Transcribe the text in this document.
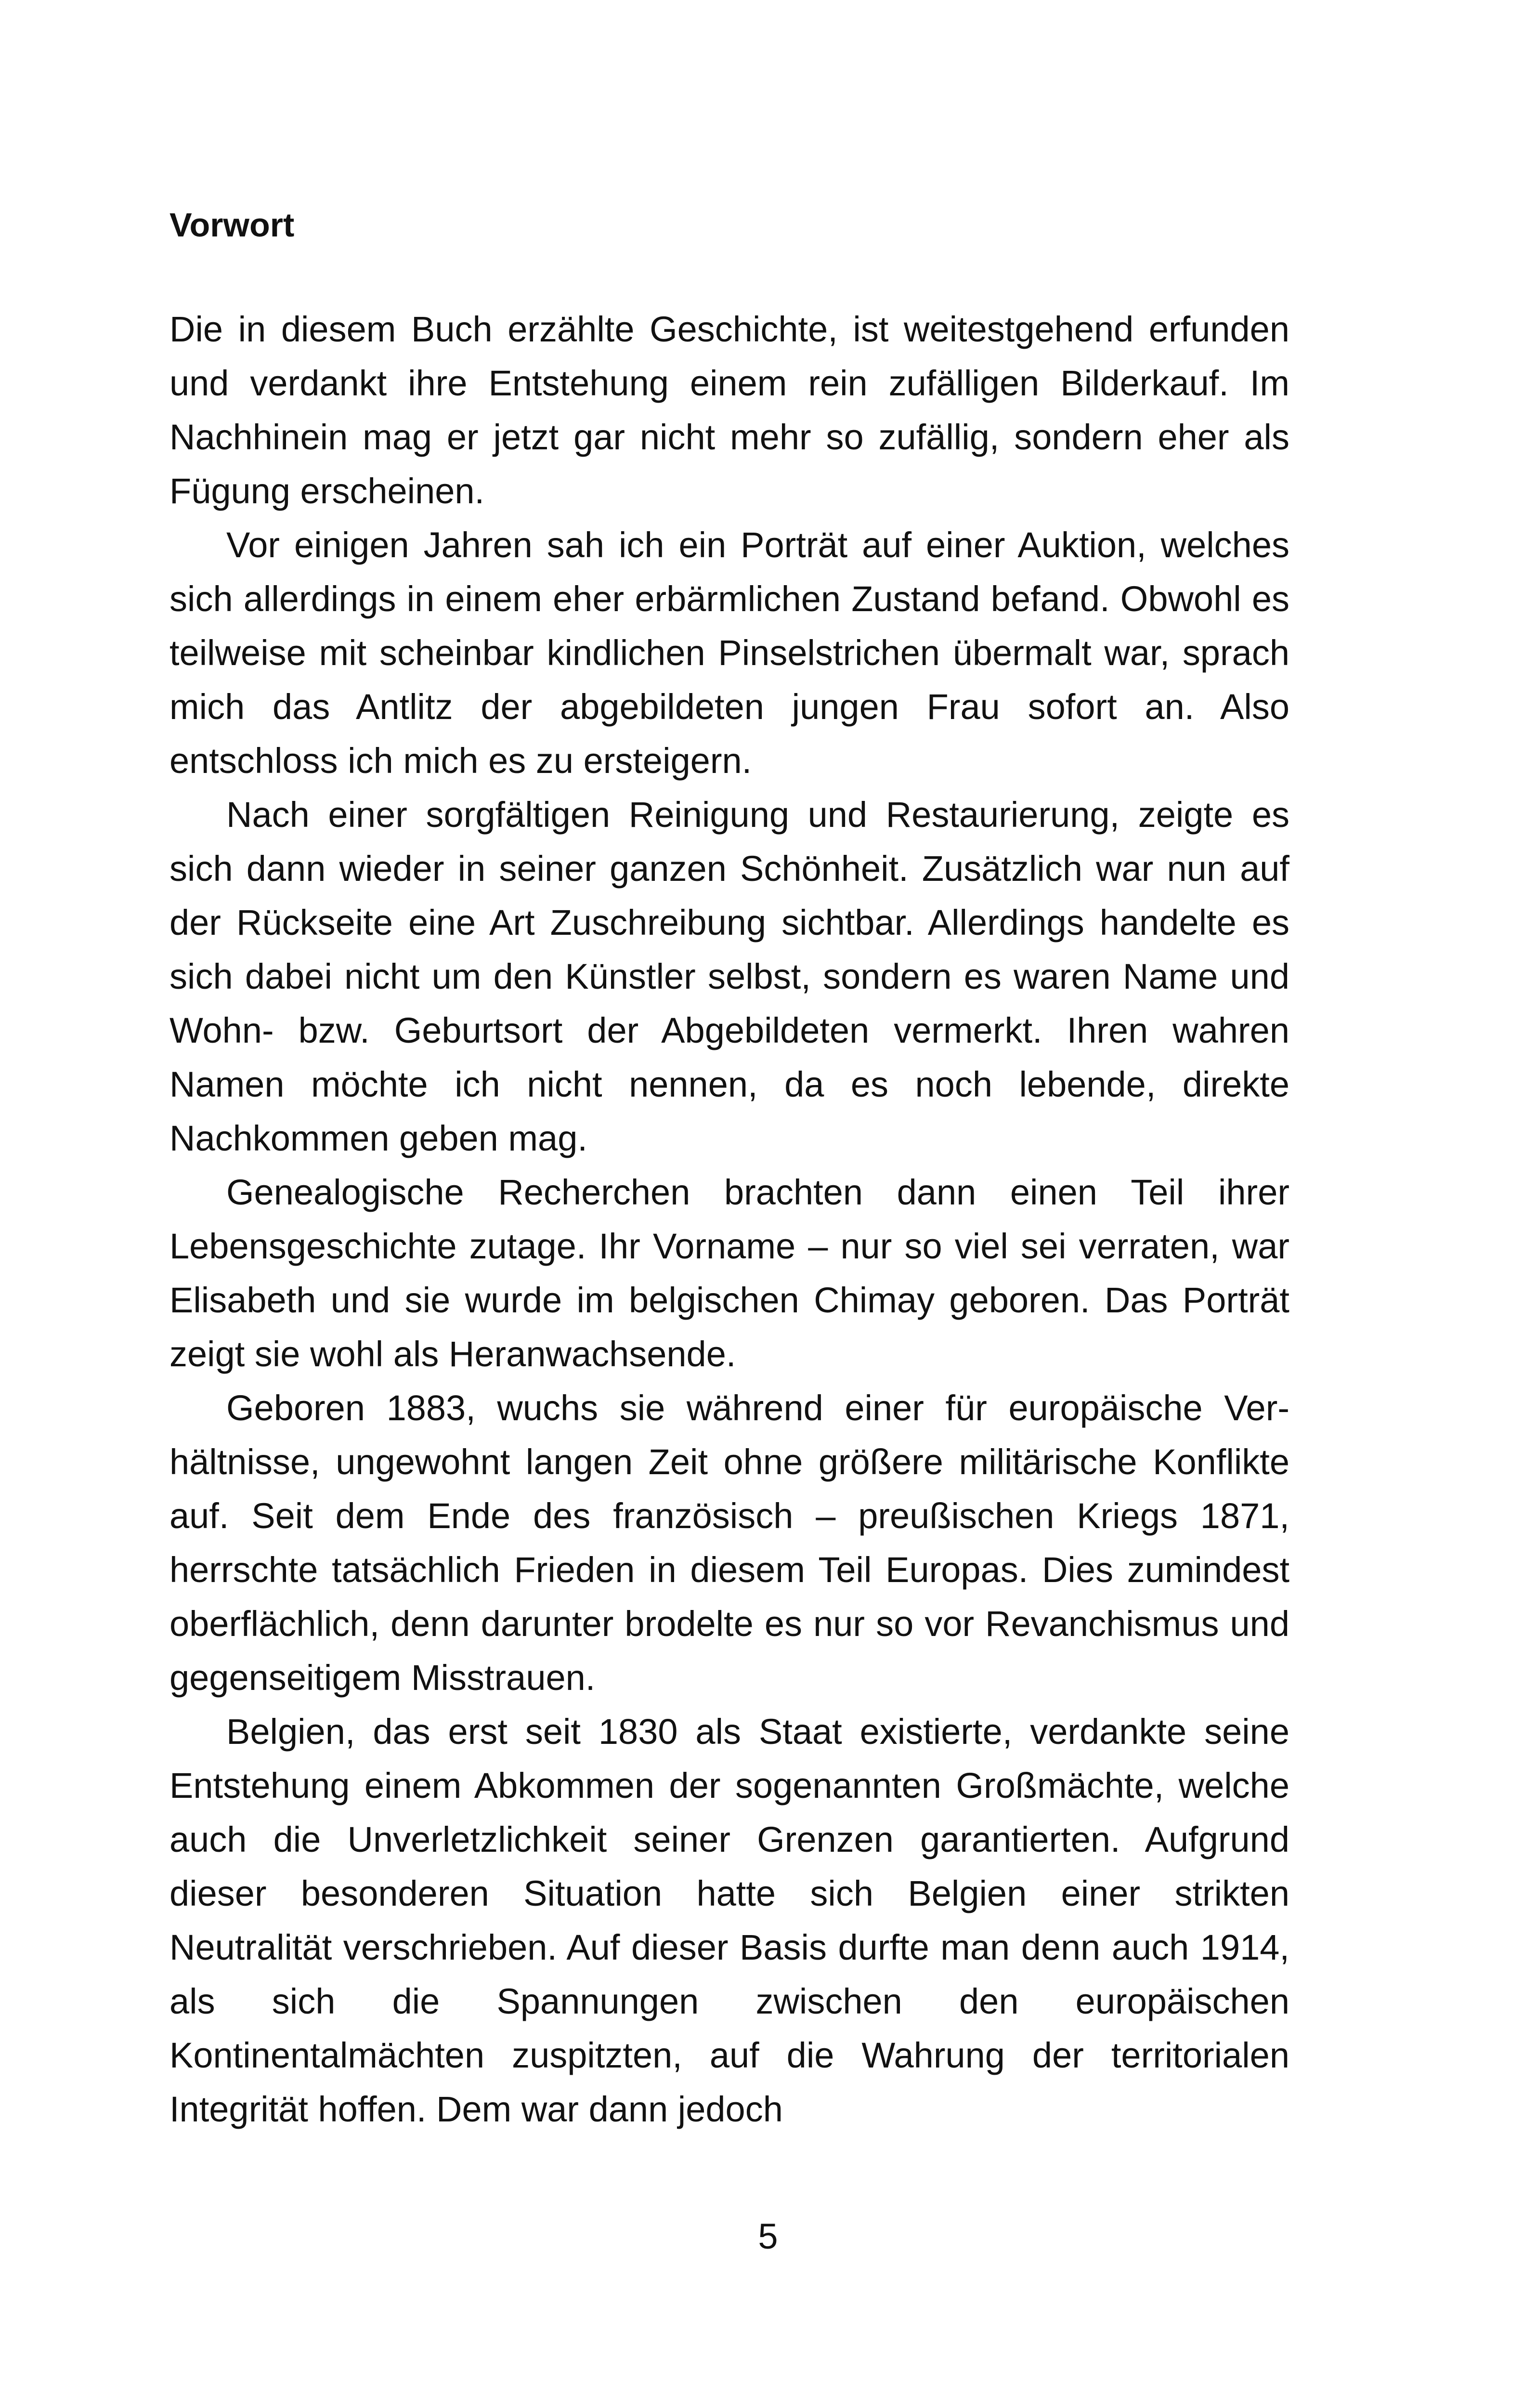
Vorwort

Die in diesem Buch erzählte Geschichte, ist weitestgehend erfunden und verdankt ihre Entstehung einem rein zufälligen Bilderkauf. Im Nachhinein mag er jetzt gar nicht mehr so zufällig, sondern eher als Fügung erscheinen.

Vor einigen Jahren sah ich ein Porträt auf einer Auktion, welches sich allerdings in einem eher erbärmlichen Zustand befand. Obwohl es teilweise mit scheinbar kindlichen Pinselstrichen übermalt war, sprach mich das Antlitz der abgebildeten jungen Frau sofort an. Also entschloss ich mich es zu ersteigern.

Nach einer sorgfältigen Reinigung und Restaurierung, zeigte es sich dann wieder in seiner ganzen Schönheit. Zusätzlich war nun auf der Rückseite eine Art Zuschreibung sichtbar. Allerdings handelte es sich dabei nicht um den Künstler selbst, sondern es waren Name und Wohn- bzw. Geburtsort der Abgebildeten vermerkt. Ihren wahren Namen möchte ich nicht nennen, da es noch lebende, direkte Nachkommen geben mag.

Genealogische Recherchen brachten dann einen Teil ihrer Lebensgeschichte zutage. Ihr Vorname – nur so viel sei verraten, war Elisabeth und sie wurde im belgischen Chimay geboren. Das Porträt zeigt sie wohl als Heranwachsende.

Geboren 1883, wuchs sie während einer für europäische Verhältnisse, ungewohnt langen Zeit ohne größere militärische Konflikte auf. Seit dem Ende des französisch – preußischen Kriegs 1871, herrschte tatsächlich Frieden in diesem Teil Europas. Dies zumindest oberflächlich, denn darunter brodelte es nur so vor Revanchismus und gegenseitigem Misstrauen.

Belgien, das erst seit 1830 als Staat existierte, verdankte seine Entstehung einem Abkommen der sogenannten Großmächte, welche auch die Unverletzlichkeit seiner Grenzen garantierten. Aufgrund dieser besonderen Situation hatte sich Belgien einer strikten Neutralität verschrieben. Auf dieser Basis durfte man denn auch 1914, als sich die Spannungen zwischen den europäischen Kontinentalmächten zuspitzten, auf die Wahrung der territorialen Integrität hoffen. Dem war dann jedoch

5
